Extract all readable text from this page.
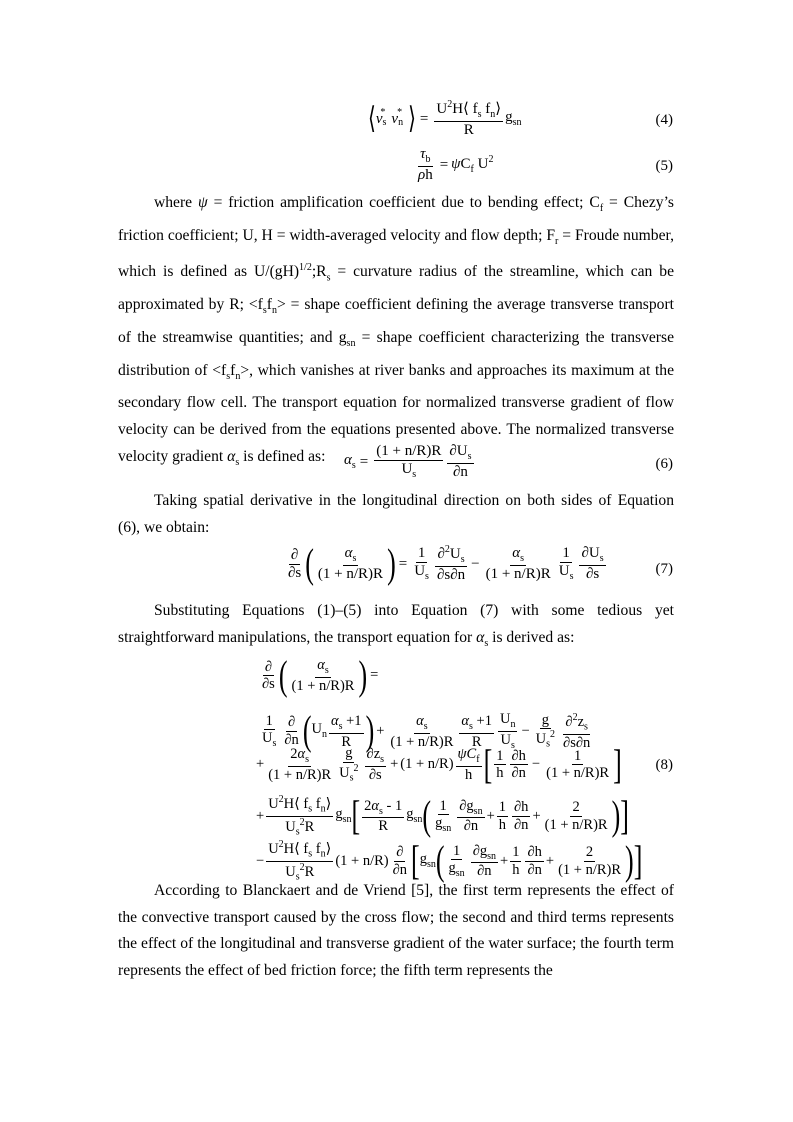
⟨ $v_s$
* $v_n$
* ⟩ = $\frac{U^2H⟨ f_s f_n⟩}{R} g_{sn}$	(4)
$\frac{\tau_b}{\rho h} = \psi C_f$ $U^2$	(5)
where ψ = friction amplification coefficient due to bending effect; $C_f$ = Chezy’s friction coefficient; U, H = width-averaged velocity and flow depth; $F_r$ = Froude number, which is defined as $U/(gH)^{1/2};R_s$ = curvature radius of the streamline, which can be approximated by R; $<f_sf_n>$ = shape coefficient defining the average transverse transport of the streamwise quantities; and $g_{sn}$ = shape coefficient characterizing the transverse distribution of $<f_sf_n>$, which vanishes at river banks and approaches its maximum at the secondary flow cell. The transport equation for normalized transverse gradient of flow velocity can be derived from the equations presented above. The normalized transverse velocity gradient $\alpha_s$ is defined as:	$\alpha_s = \frac{(1 + n/R)R}{U_s} \frac{\partial U_s}{\partial n}$	(6)
Taking spatial derivative in the longitudinal direction on both sides of Equation (6), we obtain:
$\frac{\partial}{\partial s}$ ( $\frac{\alpha_s}{(1 + n/R)R}$ ) = $\frac{1}{U_s} \frac{\partial^2U_s}{\partial s\partial n} - \frac{\alpha_s}{(1 + n/R)R} \frac{1}{U_s} \frac{\partial U_s}{\partial s}$	(7)
Substituting Equations (1)–(5) into Equation (7) with some tedious yet straightforward manipulations, the transport equation for $\alpha_s$ is derived as:
$\frac{\partial}{\partial s}$ ( $\frac{\alpha_s}{(1 + n/R)R}$ ) =
$\frac{1}{U_s} \frac{\partial}{\partial n}$ ( $U_n \frac{\alpha_s +1}{R}$ ) + $\frac{\alpha_s}{(1 + n/R)R} \frac{\alpha_s +1}{R} \frac{U_n}{U_s} - \frac{g}{U_s^2} \frac{\partial^2z_s}{\partial s\partial n}$
+ $\frac{2\alpha_s}{(1 + n/R)R} \frac{g}{U_s^2} \frac{\partial z_s}{\partial s} + (1 + n/R) \frac{\psi C_f}{h}$ [ $\frac{1}{h} \frac{\partial h}{\partial n} - \frac{1}{(1 + n/R)R}$ ]
+ $\frac{U^2H⟨ f_s f_n⟩}{U_s^2R} g_{sn}$ [ $\frac{2\alpha_s - 1}{R} g_{sn}$ ( $\frac{1}{g_{sn}} \frac{\partial g_{sn}}{\partial n} + \frac{1}{h} \frac{\partial h}{\partial n} + \frac{2}{(1 + n/R)R}$ )]
− $\frac{U^2H⟨ f_s f_n⟩}{U_s^2R} (1 + n/R) \frac{\partial}{\partial n}$ [ $g_{sn}$ ( $\frac{1}{g_{sn}} \frac{\partial g_{sn}}{\partial n} + \frac{1}{h} \frac{\partial h}{\partial n} + \frac{2}{(1 + n/R)R}$ )]
(8)
According to Blanckaert and de Vriend [5], the first term represents the effect of the convective transport caused by the cross flow; the second and third terms represents the effect of the longitudinal and transverse gradient of the water surface; the fourth term represents the effect of bed friction force; the fifth term represents the
